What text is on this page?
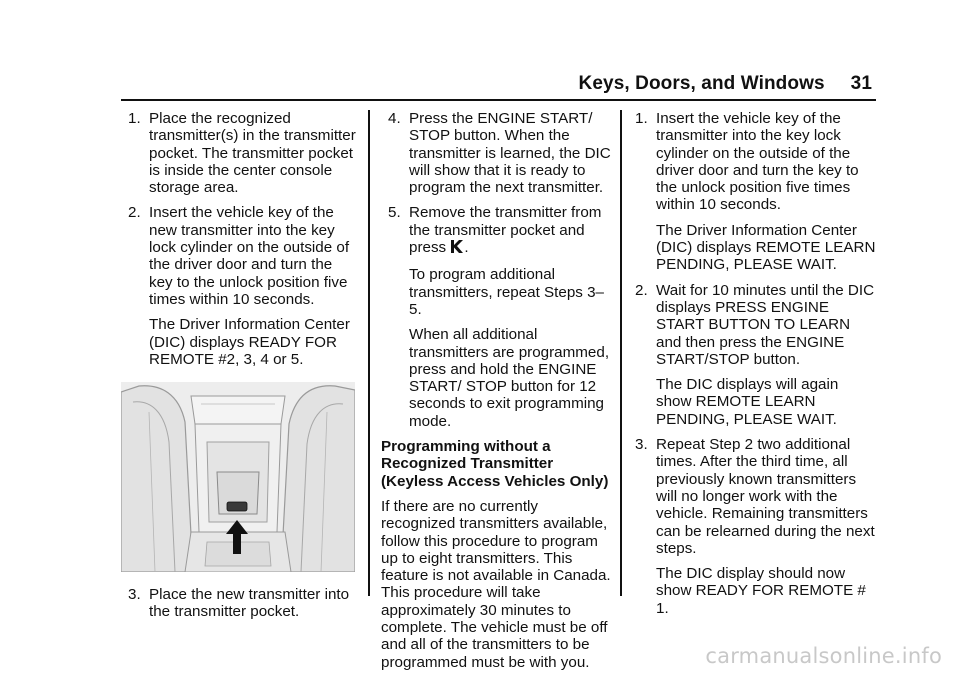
Keys, Doors, and Windows 31
1. Place the recognized transmitter(s) in the transmitter pocket. The transmitter pocket is inside the center console storage area.
2. Insert the vehicle key of the new transmitter into the key lock cylinder on the outside of the driver door and turn the key to the unlock position five times within 10 seconds.
The Driver Information Center (DIC) displays READY FOR REMOTE #2, 3, 4 or 5.
3. Place the new transmitter into the transmitter pocket.
4. Press the ENGINE START/ STOP button. When the transmitter is learned, the DIC will show that it is ready to program the next transmitter.
5. Remove the transmitter from the transmitter pocket and press .
To program additional transmitters, repeat Steps 3–5.
When all additional transmitters are programmed, press and hold the ENGINE START/ STOP button for 12 seconds to exit programming mode.
Programming without a Recognized Transmitter (Keyless Access Vehicles Only)
If there are no currently recognized transmitters available, follow this procedure to program up to eight transmitters. This feature is not available in Canada. This procedure will take approximately 30 minutes to complete. The vehicle must be off and all of the transmitters to be programmed must be with you.
1. Insert the vehicle key of the transmitter into the key lock cylinder on the outside of the driver door and turn the key to the unlock position five times within 10 seconds.
The Driver Information Center (DIC) displays REMOTE LEARN PENDING, PLEASE WAIT.
2. Wait for 10 minutes until the DIC displays PRESS ENGINE START BUTTON TO LEARN and then press the ENGINE START/STOP button.
The DIC displays will again show REMOTE LEARN PENDING, PLEASE WAIT.
3. Repeat Step 2 two additional times. After the third time, all previously known transmitters will no longer work with the vehicle. Remaining transmitters can be relearned during the next steps.
The DIC display should now show READY FOR REMOTE # 1.
carmanualsonline.info
